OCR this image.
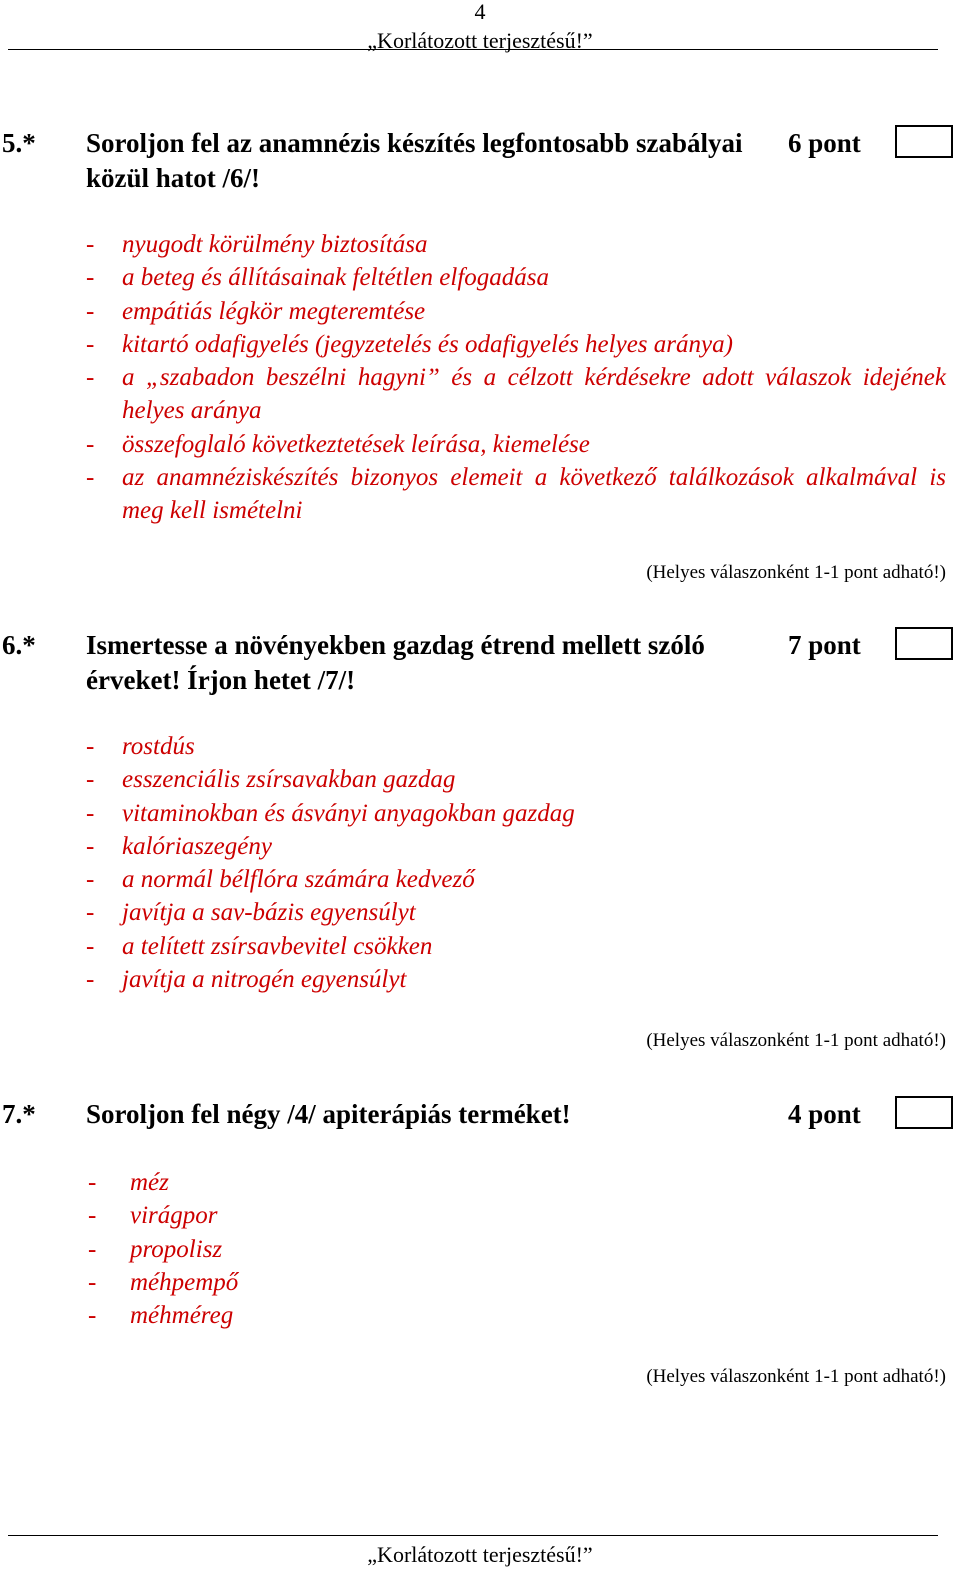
4
„Korlátozott terjesztésű!”
5.* Soroljon fel az anamnézis készítés legfontosabb szabályai közül hatot /6/!
6 pont
- nyugodt körülmény biztosítása
- a beteg és állításainak feltétlen elfogadása
- empátiás légkör megteremtése
- kitartó odafigyelés (jegyzetelés és odafigyelés helyes aránya)
- a „szabadon beszélni hagyni” és a célzott kérdésekre adott válaszok idejének helyes aránya
- összefoglaló következtetések leírása, kiemelése
- az anamnéziskészítés bizonyos elemeit a következő találkozások alkalmával is meg kell ismételni
(Helyes válaszonként 1-1 pont adható!)
6.* Ismertesse a növényekben gazdag étrend mellett szóló érveket! Írjon hetet /7/!
7 pont
- rostdús
- esszenciális zsírsavakban gazdag
- vitaminokban és ásványi anyagokban gazdag
- kalóriaszegény
- a normál bélflóra számára kedvező
- javítja a sav-bázis egyensúlyt
- a telített zsírsavbevitel csökken
- javítja a nitrogén egyensúlyt
(Helyes válaszonként 1-1 pont adható!)
7.* Soroljon fel négy /4/ apiterápiás terméket!	4 pont
- méz
- virágpor
- propolisz
- méhpempő
- méhméreg
(Helyes válaszonként 1-1 pont adható!)
„Korlátozott terjesztésű!”
